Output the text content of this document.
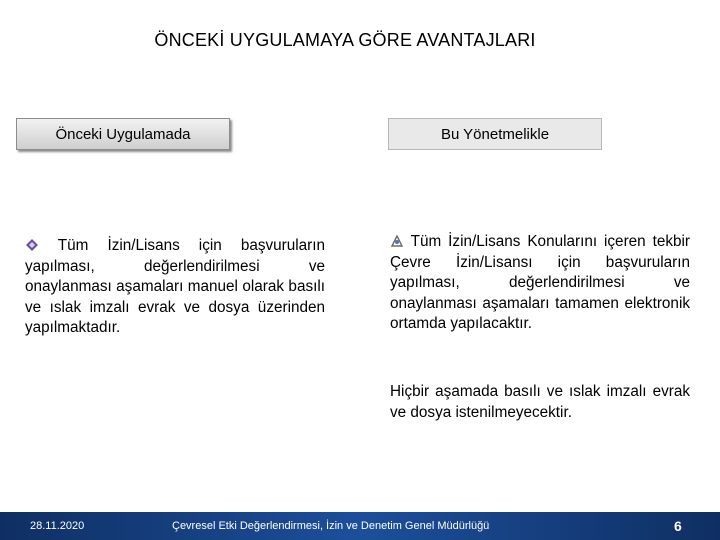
ÖNCEKİ UYGULAMAYA GÖRE AVANTAJLARI
Önceki Uygulamada	Bu Yönetmelikle

Tüm İzin/Lisans için başvuruların yapılması, değerlendirilmesi ve onaylanması aşamaları manuel olarak basılı ve ıslak imzalı evrak ve dosya üzerinden yapılmaktadır.

Tüm İzin/Lisans Konularını içeren tekbir Çevre İzin/Lisansı için başvuruların yapılması, değerlendirilmesi ve onaylanması aşamaları tamamen elektronik ortamda yapılacaktır.

Hiçbir aşamada basılı ve ıslak imzalı evrak ve dosya istenilmeyecektir.

28.11.2020	Çevresel Etki Değerlendirmesi, İzin ve Denetim Genel Müdürlüğü	6
